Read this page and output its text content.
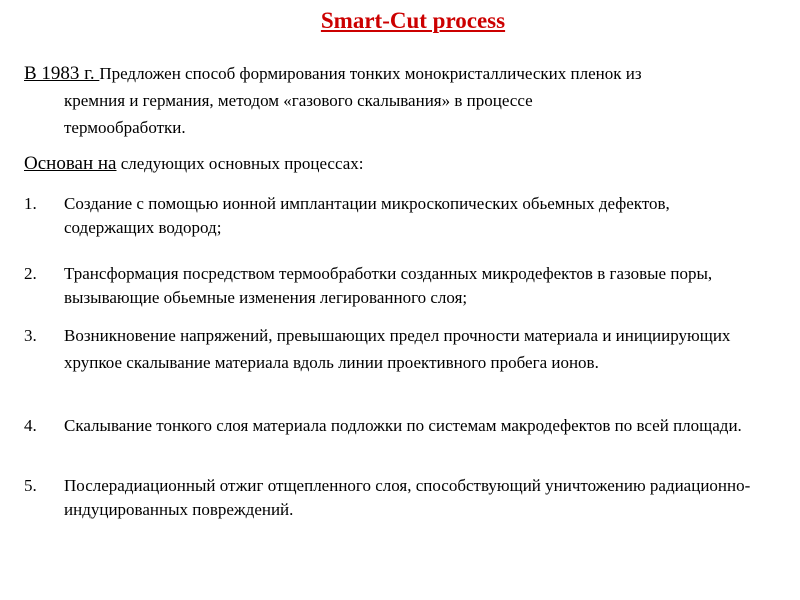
Smart-Cut process

В 1983 г. Предложен способ формирования тонких монокристаллических пленок из
кремния и германия, методом «газового скалывания» в процессе
термообработки.

Основан на следующих основных процессах:

1.	Создание с помощью ионной имплантации микроскопических обьемных дефектов, содержащих водород;
2.	Трансформация посредством термообработки созданных микродефектов в газовые поры, вызывающие обьемные изменения легированного слоя;
3.	Возникновение напряжений, превышающих предел прочности материала и инициирующих хрупкое скалывание материала вдоль линии проективного пробега ионов.
4.	Скалывание тонкого слоя материала подложки по системам макродефектов по всей площади.
5.	Послерадиационный отжиг отщепленного слоя, способствующий уничтожению радиационно-индуцированных повреждений.
